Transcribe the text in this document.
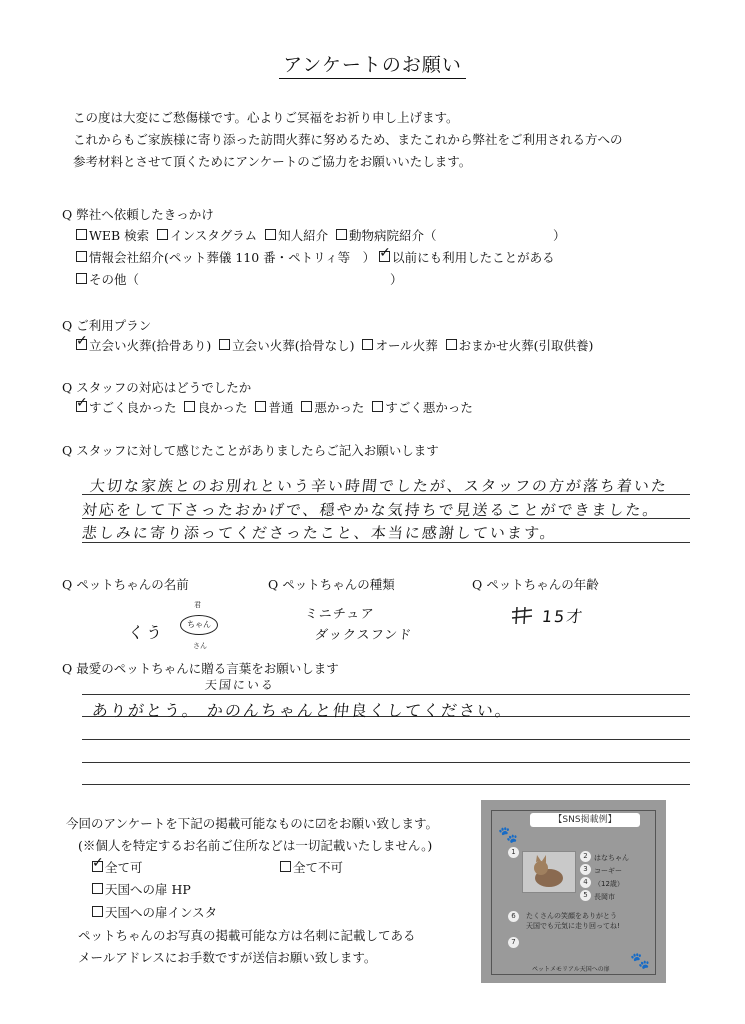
アンケートのお願い
この度は大変にご愁傷様です。心よりご冥福をお祈り申し上げます。
これからもご家族様に寄り添った訪問火葬に努めるため、またこれから弊社をご利用される方への
参考材料とさせて頂くためにアンケートのご協力をお願いいたします。
Q 弊社へ依頼したきっかけ
WEB 検索 インスタグラム 知人紹介 動物病院紹介（	）
情報会社紹介(ペット葬儀 110 番・ペトリィ等　） ✓ 以前にも利用したことがある
その他（	）
Q ご利用プラン
✓立会い火葬(拾骨あり) 立会い火葬(拾骨なし) オール火葬 おまかせ火葬(引取供養)
Q スタッフの対応はどうでしたか
✓すごく良かった 良かった 普通 悪かった すごく悪かった
Q スタッフに対して感じたことがありましたらご記入お願いします
大切な家族とのお別れという辛い時間でしたが、スタッフの方が落ち着いた
対応をして下さったおかげで、穏やかな気持ちで見送ることができました。
悲しみに寄り添ってくださったこと、本当に感謝しています。
Q ペットちゃんの名前
くう
君
ちゃん
さん
Q ペットちゃんの種類
ミニチュア
ダックスフンド
Q ペットちゃんの年齢
15才
Q 最愛のペットちゃんに贈る言葉をお願いします
天国にいる
ありがとう。 かのんちゃんと仲良くしてください。
今回のアンケートを下記の掲載可能なものに☑をお願い致します。
(※個人を特定するお名前ご住所などは一切記載いたしません。)
✓全て可	全て不可
天国への扉 HP
天国への扉インスタ
ペットちゃんのお写真の掲載可能な方は名刺に記載してある
メールアドレスにお手数ですが送信お願い致します。
【SNS掲載例】
🐾
🐾
1	2 はなちゃん
3 コーギー
4 （12歳）
5 長岡市
6	たくさんの笑顔をありがとう
天国でも元気に走り回ってね!
7
ペットメモリアル天国への扉
